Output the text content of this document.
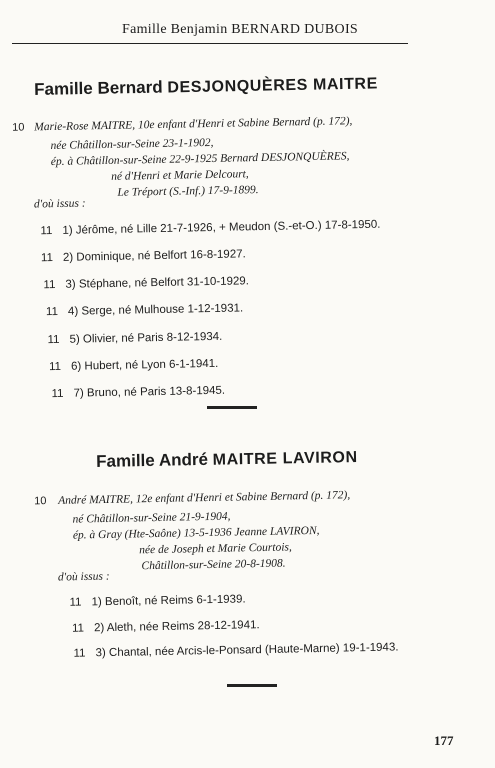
Famille Benjamin BERNARD DUBOIS
Famille Bernard DESJONQUÈRES MAITRE
10 Marie-Rose MAITRE, 10e enfant d'Henri et Sabine Bernard (p. 172),
née Châtillon-sur-Seine 23-1-1902,
ép. à Châtillon-sur-Seine 22-9-1925 Bernard DESJONQUÈRES,
né d'Henri et Marie Delcourt,
Le Tréport (S.-Inf.) 17-9-1899.
d'où issus :
11 1) Jérôme, né Lille 21-7-1926, + Meudon (S.-et-O.) 17-8-1950.
11 2) Dominique, né Belfort 16-8-1927.
11 3) Stéphane, né Belfort 31-10-1929.
11 4) Serge, né Mulhouse 1-12-1931.
11 5) Olivier, né Paris 8-12-1934.
11 6) Hubert, né Lyon 6-1-1941.
11 7) Bruno, né Paris 13-8-1945.
Famille André MAITRE LAVIRON
10 André MAITRE, 12e enfant d'Henri et Sabine Bernard (p. 172),
né Châtillon-sur-Seine 21-9-1904,
ép. à Gray (Hte-Saône) 13-5-1936 Jeanne LAVIRON,
née de Joseph et Marie Courtois,
Châtillon-sur-Seine 20-8-1908.
d'où issus :
11 1) Benoît, né Reims 6-1-1939.
11 2) Aleth, née Reims 28-12-1941.
11 3) Chantal, née Arcis-le-Ponsard (Haute-Marne) 19-1-1943.
177
